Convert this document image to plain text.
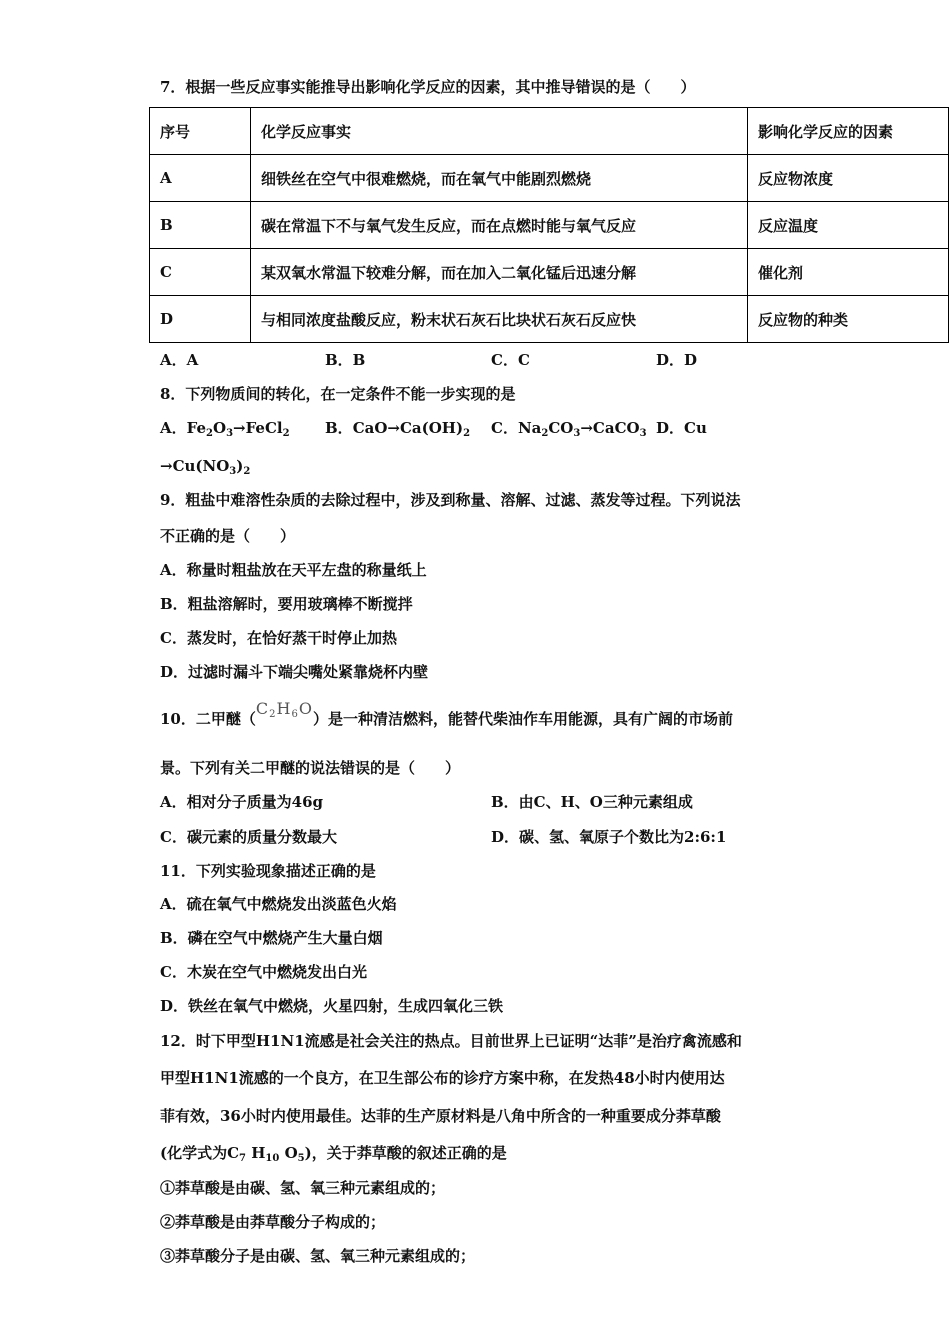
7．根据一些反应事实能推导出影响化学反应的因素，其中推导错误的是（　　）
序号	化学反应事实	影响化学反应的因素
A	细铁丝在空气中很难燃烧，而在氧气中能剧烈燃烧	反应物浓度
B	碳在常温下不与氧气发生反应，而在点燃时能与氧气反应	反应温度
C	某双氧水常温下较难分解，而在加入二氧化锰后迅速分解	催化剂
D	与相同浓度盐酸反应，粉末状石灰石比块状石灰石反应快	反应物的种类
A．A	B．B	C．C	D．D
8．下列物质间的转化，在一定条件不能一步实现的是
A．$Fe_2O_3\to FeCl_2$ B．$CaO\to Ca(OH)_2$ C．$Na_2CO_3\to CaCO_3$ D．Cu
$\to Cu(NO_3)_2$
9．粗盐中难溶性杂质的去除过程中，涉及到称量、溶解、过滤、蒸发等过程。下列说法
不正确的是（　　）
A．称量时粗盐放在天平左盘的称量纸上
B．粗盐溶解时，要用玻璃棒不断搅拌
C．蒸发时，在恰好蒸干时停止加热
D．过滤时漏斗下端尖嘴处紧靠烧杯内壁
10．二甲醚$(C_2H_6O)$是一种清洁燃料，能替代柴油作车用能源，具有广阔的市场前
景。下列有关二甲醚的说法错误的是（　　）
A．相对分子质量为46g	B．由C、H、O三种元素组成
C．碳元素的质量分数最大	D．碳、氢、氧原子个数比为2:6:1
11．下列实验现象描述正确的是
A．硫在氧气中燃烧发出淡蓝色火焰
B．磷在空气中燃烧产生大量白烟
C．木炭在空气中燃烧发出白光
D．铁丝在氧气中燃烧，火星四射，生成四氧化三铁
12．时下甲型H1N1流感是社会关注的热点。目前世界上已证明“达菲”是治疗禽流感和
甲型H1N1流感的一个良方，在卫生部公布的诊疗方案中称，在发热48小时内使用达
菲有效，36小时内使用最佳。达菲的生产原材料是八角中所含的一种重要成分莽草酸
(化学式为$C_7$ $H_{10}$ $O_5$)，关于莽草酸的叙述正确的是
①莽草酸是由碳、氢、氧三种元素组成的；
②莽草酸是由莽草酸分子构成的；
③莽草酸分子是由碳、氢、氧三种元素组成的；
